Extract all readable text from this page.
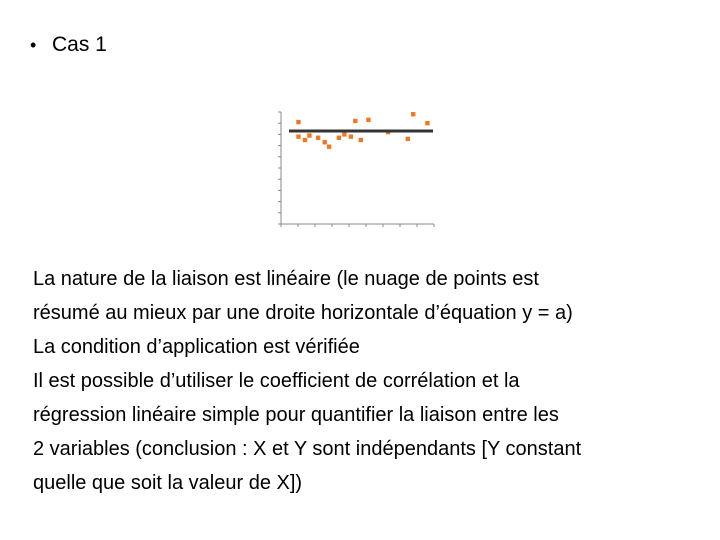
• Cas 1
La nature de la liaison est linéaire (le nuage de points est
résumé au mieux par une droite horizontale d’équation y = a)
La condition d’application est vérifiée
Il est possible d’utiliser le coefficient de corrélation et la
régression linéaire simple pour quantifier la liaison entre les
2 variables (conclusion : X et Y sont indépendants [Y constant
quelle que soit la valeur de X])
